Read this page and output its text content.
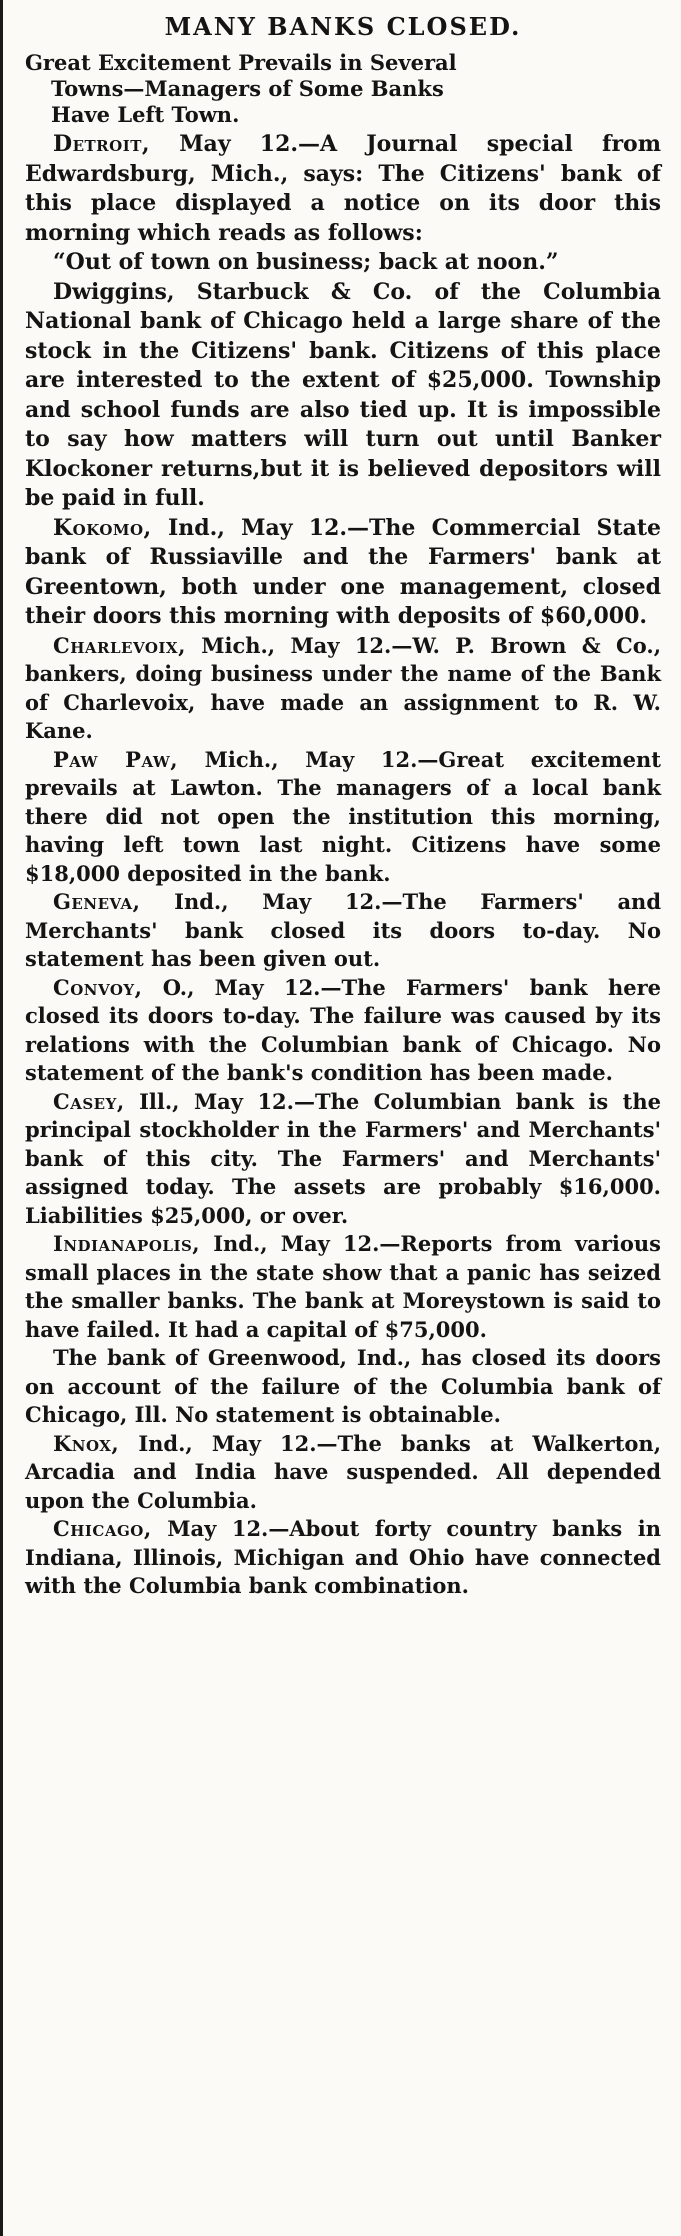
MANY BANKS CLOSED.
Great Excitement Prevails in Several
Towns—Managers of Some Banks
Have Left Town.

Detroit, May 12.—A Journal special from Edwardsburg, Mich., says: The Citizens' bank of this place displayed a notice on its door this morning which reads as follows:

“Out of town on business; back at noon.”

Dwiggins, Starbuck & Co. of the Columbia National bank of Chicago held a large share of the stock in the Citizens' bank. Citizens of this place are interested to the extent of $25,000. Township and school funds are also tied up. It is impossible to say how matters will turn out until Banker Klockoner returns,but it is believed depositors will be paid in full.

Kokomo, Ind., May 12.—The Commercial State bank of Russiaville and the Farmers' bank at Greentown, both under one management, closed their doors this morning with deposits of $60,000.

Charlevoix, Mich., May 12.—W. P. Brown & Co., bankers, doing business under the name of the Bank of Charlevoix, have made an assignment to R. W. Kane.

Paw Paw, Mich., May 12.—Great excitement prevails at Lawton. The managers of a local bank there did not open the institution this morning, having left town last night. Citizens have some $18,000 deposited in the bank.

Geneva, Ind., May 12.—The Farmers' and Merchants' bank closed its doors to-day. No statement has been given out.

Convoy, O., May 12.—The Farmers' bank here closed its doors to-day. The failure was caused by its relations with the Columbian bank of Chicago. No statement of the bank's condition has been made.

Casey, Ill., May 12.—The Columbian bank is the principal stockholder in the Farmers' and Merchants' bank of this city. The Farmers' and Merchants' assigned today. The assets are probably $16,000. Liabilities $25,000, or over.

Indianapolis, Ind., May 12.—Reports from various small places in the state show that a panic has seized the smaller banks. The bank at Moreystown is said to have failed. It had a capital of $75,000.

The bank of Greenwood, Ind., has closed its doors on account of the failure of the Columbia bank of Chicago, Ill. No statement is obtainable.

Knox, Ind., May 12.—The banks at Walkerton, Arcadia and India have suspended. All depended upon the Columbia.

Chicago, May 12.—About forty country banks in Indiana, Illinois, Michigan and Ohio have connected with the Columbia bank combination.
